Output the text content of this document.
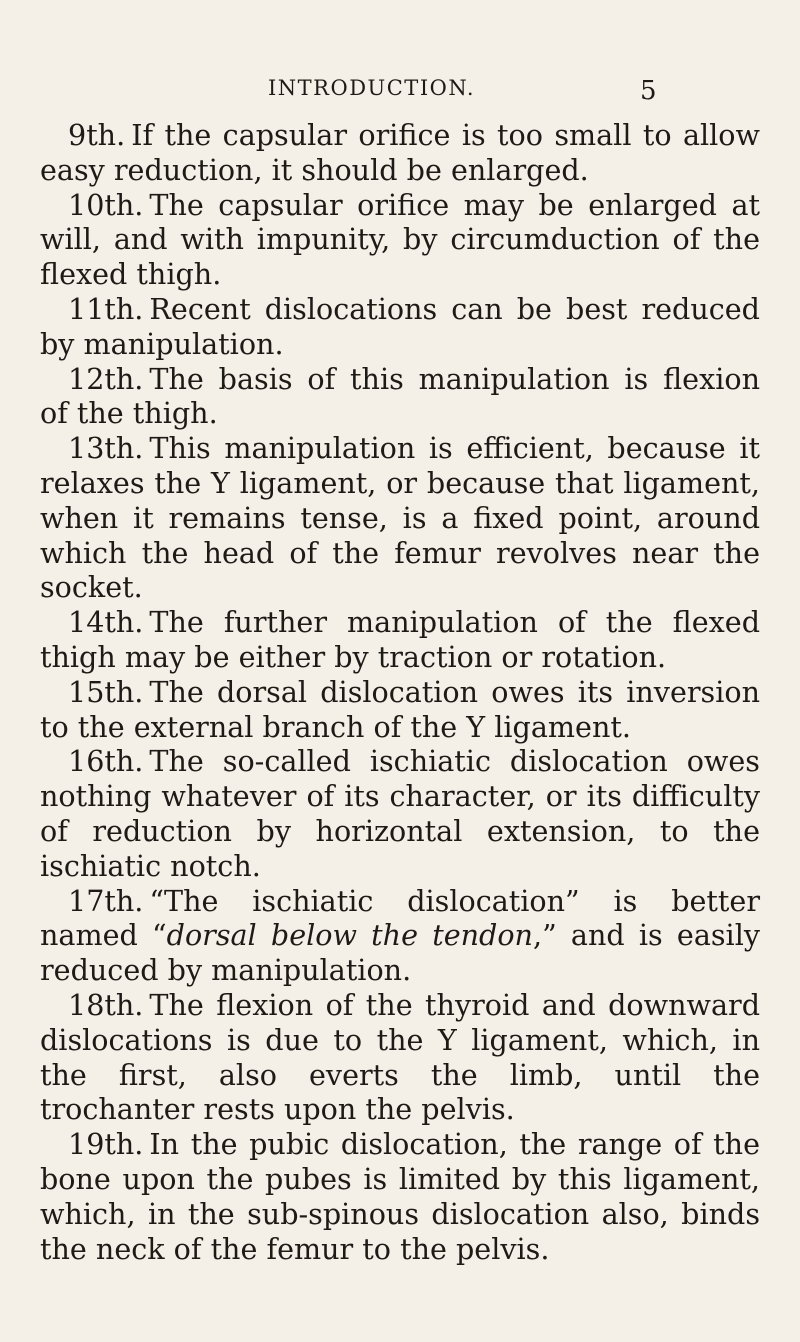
INTRODUCTION.	5

9th. If the capsular orifice is too small to allow easy reduction, it should be enlarged.

10th. The capsular orifice may be enlarged at will, and with impunity, by circumduction of the flexed thigh.

11th. Recent dislocations can be best reduced by manipulation.

12th. The basis of this manipulation is flexion of the thigh.

13th. This manipulation is efficient, because it relaxes the Y ligament, or because that ligament, when it remains tense, is a fixed point, around which the head of the femur revolves near the socket.

14th. The further manipulation of the flexed thigh may be either by traction or rotation.

15th. The dorsal dislocation owes its inversion to the external branch of the Y ligament.

16th. The so-called ischiatic dislocation owes nothing whatever of its character, or its difficulty of reduction by horizontal extension, to the ischiatic notch.

17th. “The ischiatic dislocation” is better named “dorsal below the tendon,” and is easily reduced by manipulation.

18th. The flexion of the thyroid and downward dislocations is due to the Y ligament, which, in the first, also everts the limb, until the trochanter rests upon the pelvis.

19th. In the pubic dislocation, the range of the bone upon the pubes is limited by this ligament, which, in the sub-spinous dislocation also, binds the neck of the femur to the pelvis.
